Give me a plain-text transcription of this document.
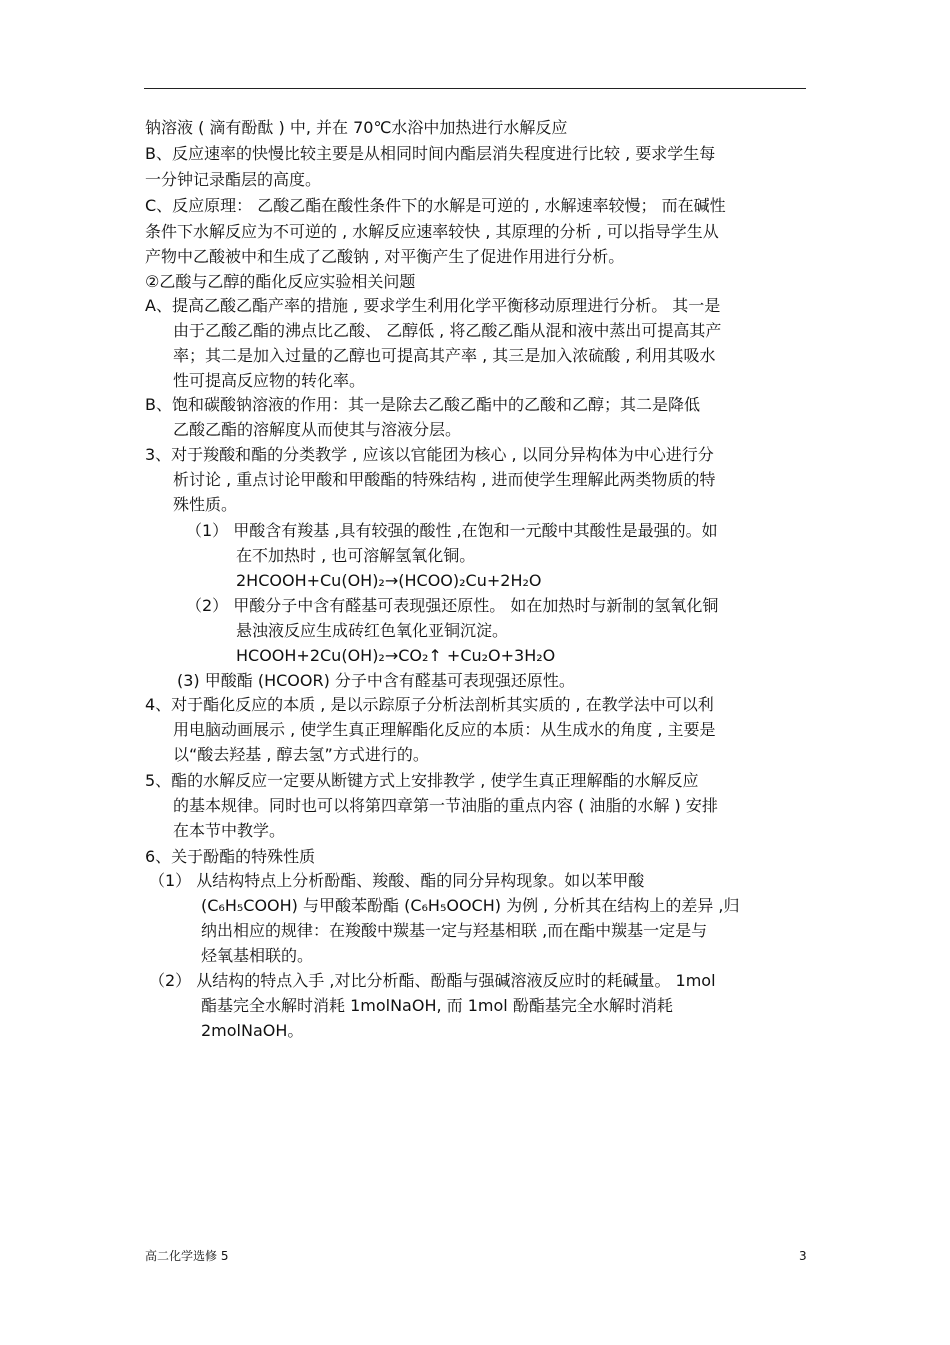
钠溶液 ( 滴有酚酞 ) 中, 并在 70℃水浴中加热进行水解反应
B、反应速率的快慢比较主要是从相同时间内酯层消失程度进行比较 , 要求学生每
一分钟记录酯层的高度。
C、反应原理： 乙酸乙酯在酸性条件下的水解是可逆的 , 水解速率较慢； 而在碱性
条件下水解反应为不可逆的 , 水解反应速率较快 , 其原理的分析 , 可以指导学生从
产物中乙酸被中和生成了乙酸钠 , 对平衡产生了促进作用进行分析。
②乙酸与乙醇的酯化反应实验相关问题
A、提高乙酸乙酯产率的措施 , 要求学生利用化学平衡移动原理进行分析。 其一是
由于乙酸乙酯的沸点比乙酸、 乙醇低 , 将乙酸乙酯从混和液中蒸出可提高其产
率；其二是加入过量的乙醇也可提高其产率 , 其三是加入浓硫酸 , 利用其吸水
性可提高反应物的转化率。
B、饱和碳酸钠溶液的作用：其一是除去乙酸乙酯中的乙酸和乙醇；其二是降低
乙酸乙酯的溶解度从而使其与溶液分层。
3、对于羧酸和酯的分类教学 , 应该以官能团为核心 , 以同分异构体为中心进行分
析讨论 , 重点讨论甲酸和甲酸酯的特殊结构 , 进而使学生理解此两类物质的特
殊性质。
（1） 甲酸含有羧基 ,具有较强的酸性 ,在饱和一元酸中其酸性是最强的。如
在不加热时 , 也可溶解氢氧化铜。
2HCOOH+Cu(OH)₂→(HCOO)₂Cu+2H₂O
（2） 甲酸分子中含有醛基可表现强还原性。 如在加热时与新制的氢氧化铜
悬浊液反应生成砖红色氧化亚铜沉淀。
HCOOH+2Cu(OH)₂→CO₂↑ +Cu₂O+3H₂O
(3) 甲酸酯 (HCOOR) 分子中含有醛基可表现强还原性。
4、对于酯化反应的本质 , 是以示踪原子分析法剖析其实质的 , 在教学法中可以利
用电脑动画展示 , 使学生真正理解酯化反应的本质：从生成水的角度 , 主要是
以“酸去羟基 , 醇去氢”方式进行的。
5、酯的水解反应一定要从断键方式上安排教学 , 使学生真正理解酯的水解反应
的基本规律。同时也可以将第四章第一节油脂的重点内容 ( 油脂的水解 ) 安排
在本节中教学。
6、关于酚酯的特殊性质
（1） 从结构特点上分析酚酯、羧酸、酯的同分异构现象。如以苯甲酸
(C₆H₅COOH) 与甲酸苯酚酯 (C₆H₅OOCH) 为例 , 分析其在结构上的差异 ,归
纳出相应的规律：在羧酸中羰基一定与羟基相联 ,而在酯中羰基一定是与
烃氧基相联的。
（2） 从结构的特点入手 ,对比分析酯、酚酯与强碱溶液反应时的耗碱量。 1mol
酯基完全水解时消耗 1molNaOH, 而 1mol 酚酯基完全水解时消耗
2molNaOH。
高二化学选修 5	3
